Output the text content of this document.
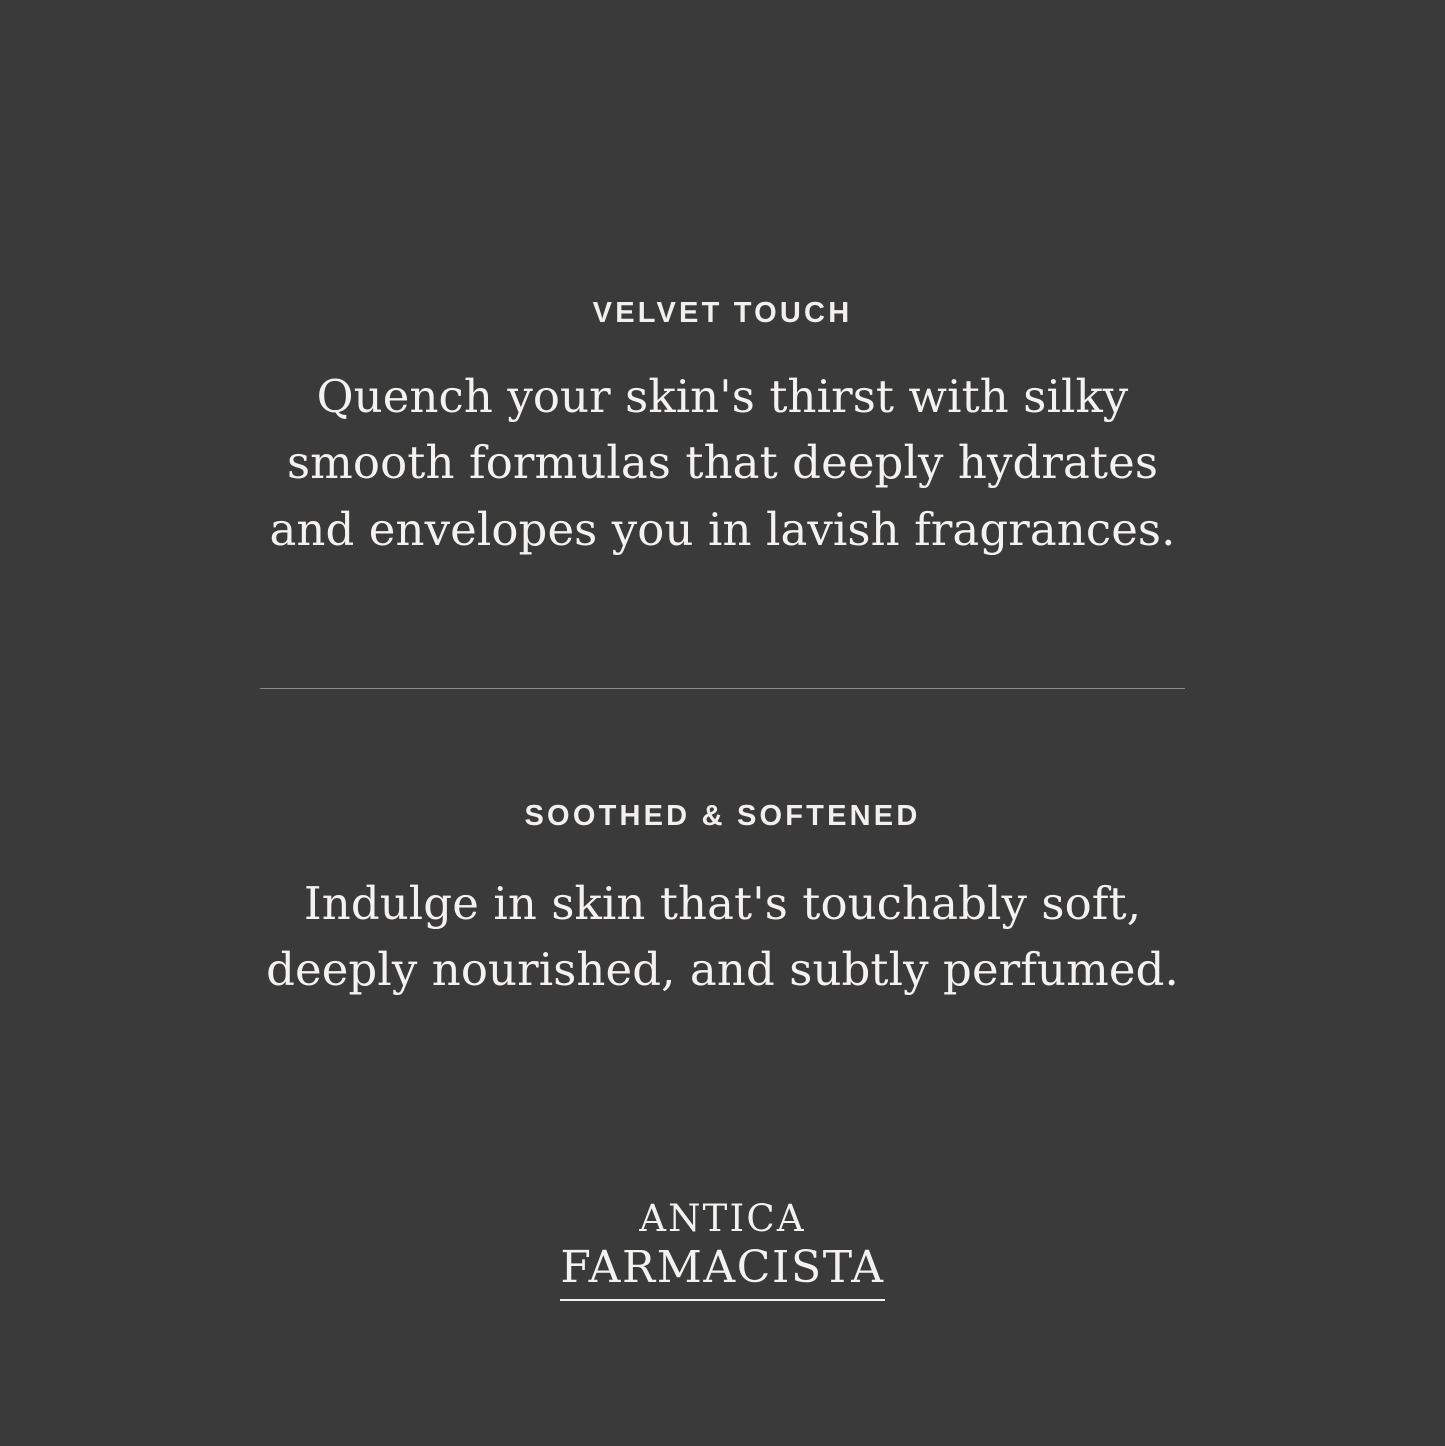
VELVET TOUCH
Quench your skin's thirst with silky smooth formulas that deeply hydrates and envelopes you in lavish fragrances.
SOOTHED & SOFTENED
Indulge in skin that's touchably soft, deeply nourished, and subtly perfumed.
ANTICA
FARMACISTA
